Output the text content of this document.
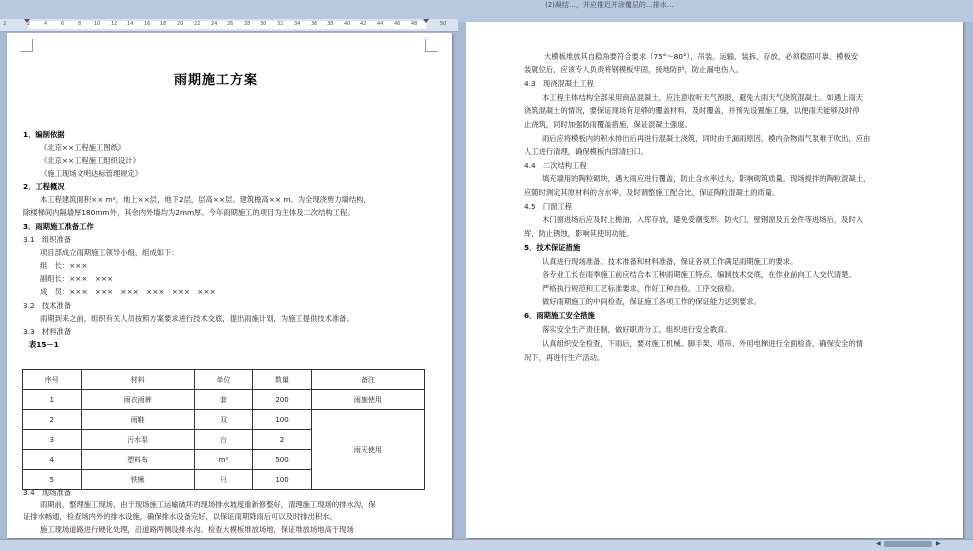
(2)凝结…，并应推迟并涂覆层的…排水…
2	2	4	6	8	10 12 14 16 18 20 22 24 26 28 30 32 34 36 38 40 42 44 46 48	50
雨期施工方案
1．编制依据
《北京××工程施工图纸》
《北京××工程施工组织设计》
《施工现场文明达标管理规定》
2．工程概况
本工程建筑面积×× m²，地上××层，地下2层，层高××层。建筑檐高×× m。为全现浇剪力墙结构，
除楼梯间内隔墙厚180mm外，其余内外墙均为2mm厚。今年雨期施工的项目为主体及二次结构工程。
3．雨期施工准备工作
3.1　组织准备
项目部成立雨期施工领导小组，组成如下：
组　长：×××
副组长：×××　×××
成　员：×××　×××　×××　×××　×××　×××
3.2　技术准备
雨期到来之前，组织有关人员按照方案要求进行技术交底，提出雨施计划，为施工提供技术准备。
3.3　材料准备
表15－1
序号	材料	单位	数量	备注
1	雨衣雨裤	套	200	雨施使用
2	雨鞋	双	100	雨天使用
3	污水泵	台	2	
4	塑料布	m²	500	
5	铁锹	只	100	
3.4　现场准备
雨期前，整理施工现场，由于现场施工运输破坏的现场排水坡度重新修整好，清理施工现场的排水沟，保
证排水畅通，检查场内外的排水设施，确保排水设备完好，以保证雨期降雨后可以及时排出积水。
施工现场道路进行硬化处理，沿道路两侧设排水沟。检查大模板堆放场地，保证堆放场地高于现场
大模板堆放其自稳角要符合要求（75°～80°），吊装、运输、装拆、存放，必须稳固可靠。模板安
装就位后，应该专人负责将钢模板牢固，接地防护，防止漏电伤人。
4.3　现浇混凝土工程
本工程主体结构全部采用商品混凝土，应注意收听天气预报，避免大雨天气浇筑混凝土。如遇上雨天
浇筑混凝土的情况，要保证现场有足够的覆盖材料，及时覆盖，并预先设置施工缝，以便雨天能够及时停
止浇筑，同时加强防雨覆盖措施，保证混凝土强度。
雨后应将模板内的积水排出后再进行混凝土浇筑，同时由于漏雨原因，模内杂物雨气泵难于吹出，应由
人工进行清理，确保模板内部清扫口。
4.4　二次结构工程
填充墙用的陶粒砌块，遇大雨应进行覆盖，防止含水率过大，影响砌筑质量。现场搅拌的陶粒混凝土，
应随时测定其原材料的含水率，及时调整施工配合比，保证陶粒混凝土的质量。
4.5　门窗工程
木门窗进场后应及时上檐油，入库存放，避免受潮变形。防火门、壁钢窗及五金件等进场后，及时入
库，防止锈蚀，影响其使用功能。
5．技术保证措施
认真进行现场准备、技术准备和材料准备，保证各项工作满足雨期施工的要求。
各专业工长在雨季施工前应结合本工种雨期施工特点，编制技术交底，在作业前向工人交代清楚。
严格执行规范和工艺标准要求，作好工种自检、工序交接检。
做好雨期施工的中间检查，保证施工各项工作的保证能力达到要求。
6．雨期施工安全措施
落实安全生产责任制，做好职责分工，组织进行安全教育。
认真组织安全检查，下雨后，要对施工机械、脚手架、塔吊、外用电梯进行全面检查，确保安全的情
况下，再进行生产活动。
◀	▶
